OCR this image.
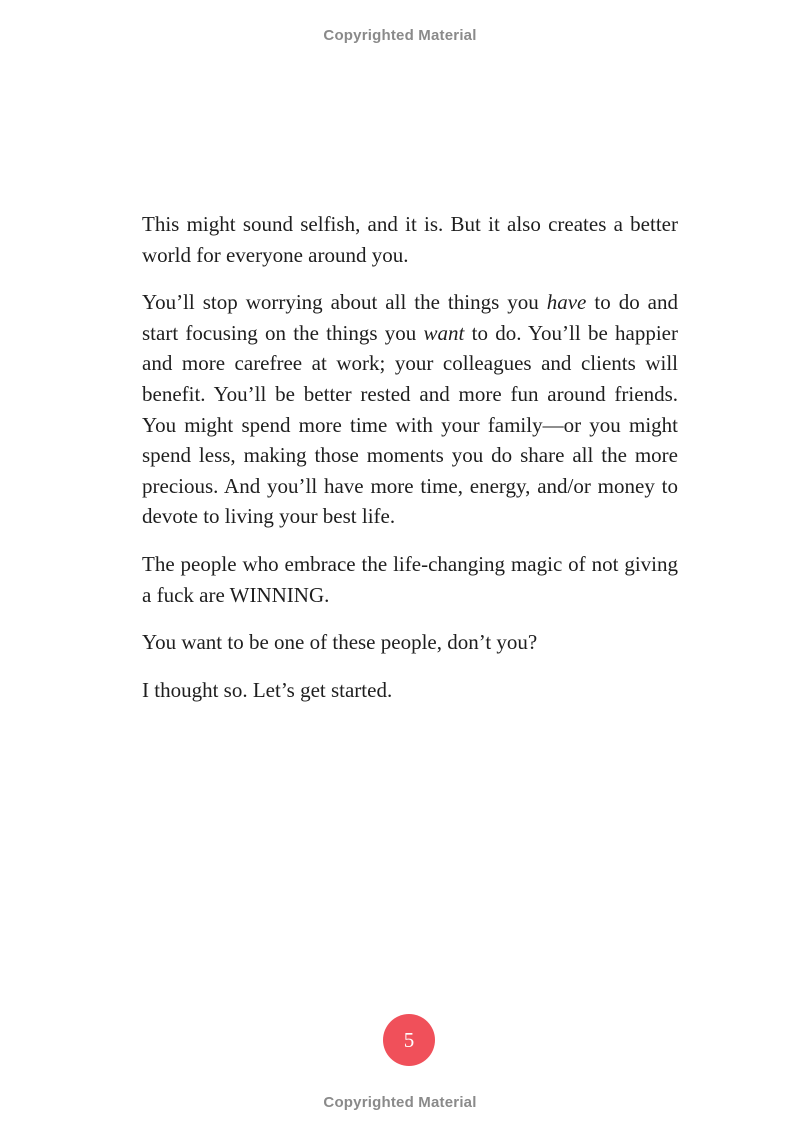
Copyrighted Material

This might sound selfish, and it is. But it also creates a better world for everyone around you.

You’ll stop worrying about all the things you have to do and start focusing on the things you want to do. You’ll be happier and more carefree at work; your colleagues and clients will benefit. You’ll be better rested and more fun around friends. You might spend more time with your family—or you might spend less, making those moments you do share all the more precious. And you’ll have more time, energy, and/or money to devote to living your best life.

The people who embrace the life-changing magic of not giving a fuck are WINNING.

You want to be one of these people, don’t you?

I thought so. Let’s get started.

5
Copyrighted Material
